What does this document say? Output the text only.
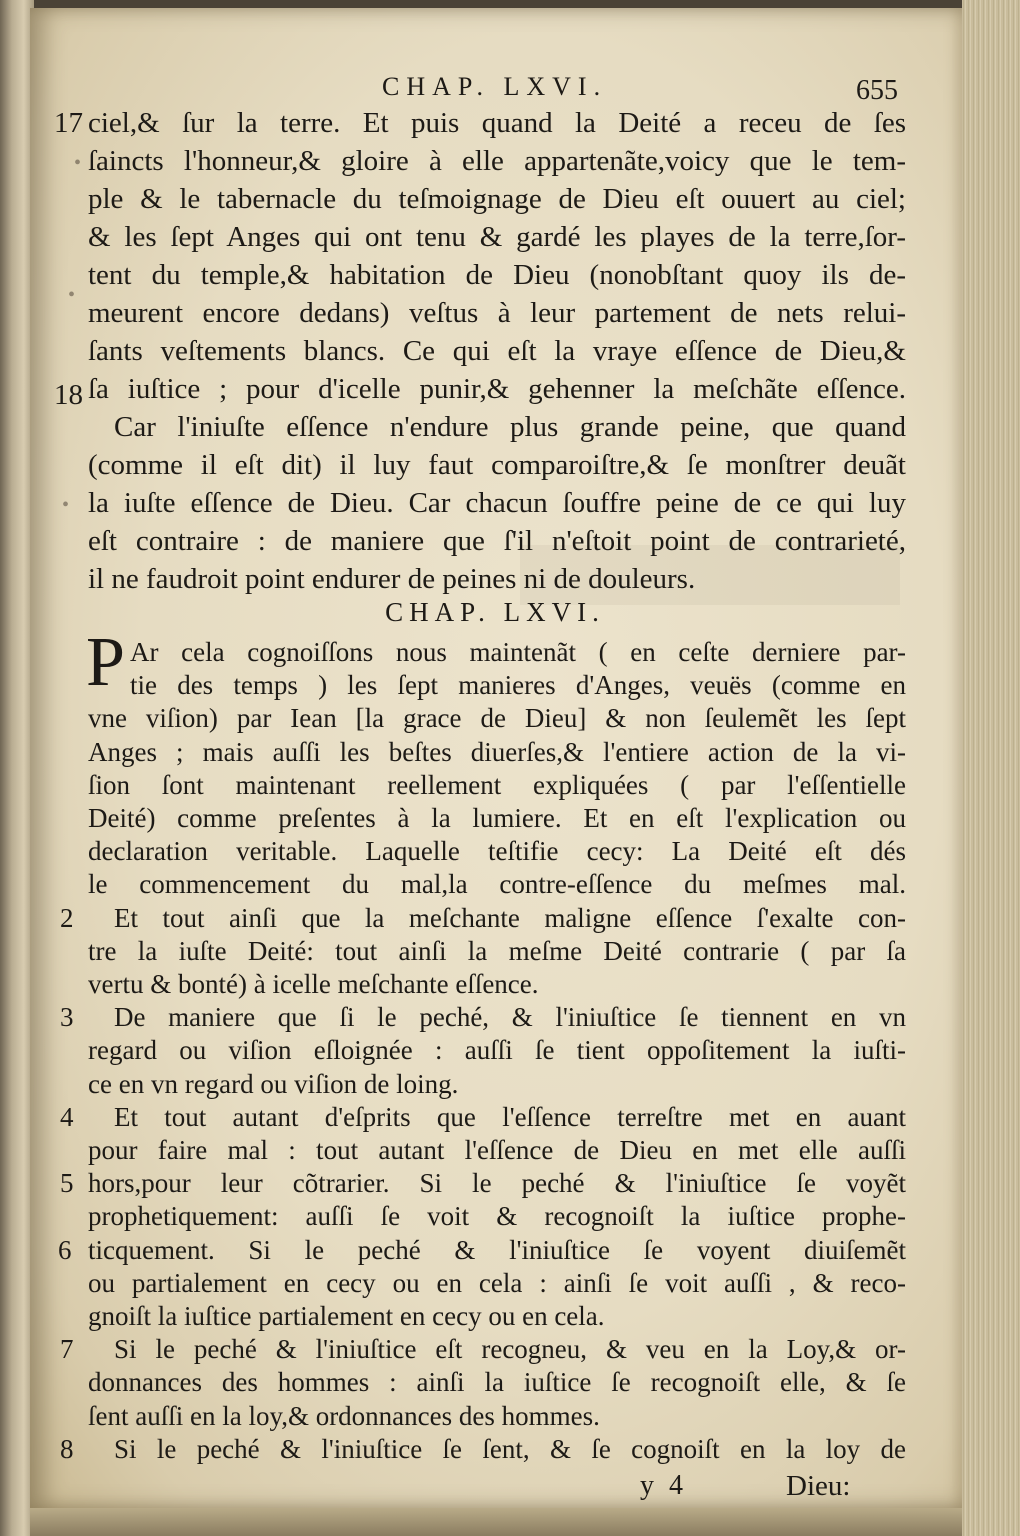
•
•
•
CHAP. LXVI.	655
17
18
ciel,& ſur la terre. Et puis quand la Deité a receu de ſes
ſaincts l'honneur,& gloire à elle appartenãte,voicy que le tem-
ple & le tabernacle du teſmoignage de Dieu eſt ouuert au ciel;
& les ſept Anges qui ont tenu & gardé les playes de la terre,ſor-
tent du temple,& habitation de Dieu (nonobſtant quoy ils de-
meurent encore dedans) veſtus à leur partement de nets relui-
ſants veſtements blancs. Ce qui eſt la vraye eſſence de Dieu,&
ſa iuſtice ; pour d'icelle punir,& gehenner la meſchãte eſſence.
Car l'iniuſte eſſence n'endure plus grande peine, que quand
(comme il eſt dit) il luy faut comparoiſtre,& ſe monſtrer deuãt
la iuſte eſſence de Dieu. Car chacun ſouffre peine de ce qui luy
eſt contraire : de maniere que ſ'il n'eſtoit point de contrarieté,
il ne faudroit point endurer de peines ni de douleurs.
CHAP. LXVI.
P
2
3
4
5
6
7
8
Ar cela cognoiſſons nous maintenãt ( en ceſte derniere par-
tie des temps ) les ſept manieres d'Anges, veuës (comme en
vne viſion) par Iean [la grace de Dieu] & non ſeulemẽt les ſept
Anges ; mais auſſi les beſtes diuerſes,& l'entiere action de la vi-
ſion ſont maintenant reellement expliquées ( par l'eſſentielle
Deité) comme preſentes à la lumiere. Et en eſt l'explication ou
declaration veritable. Laquelle teſtifie cecy: La Deité eſt dés
le commencement du mal,la contre-eſſence du meſmes mal.
Et tout ainſi que la meſchante maligne eſſence ſ'exalte con-
tre la iuſte Deité: tout ainſi la meſme Deité contrarie ( par ſa
vertu & bonté) à icelle meſchante eſſence.
De maniere que ſi le peché, & l'iniuſtice ſe tiennent en vn
regard ou viſion eſloignée : auſſi ſe tient oppoſitement la iuſti-
ce en vn regard ou viſion de loing.
Et tout autant d'eſprits que l'eſſence terreſtre met en auant
pour faire mal : tout autant l'eſſence de Dieu en met elle auſſi
hors,pour leur cõtrarier. Si le peché & l'iniuſtice ſe voyẽt
prophetiquement: auſſi ſe voit & recognoiſt la iuſtice prophe-
ticquement. Si le peché & l'iniuſtice ſe voyent diuiſemẽt
ou partialement en cecy ou en cela : ainſi ſe voit auſſi , & reco-
gnoiſt la iuſtice partialement en cecy ou en cela.
Si le peché & l'iniuſtice eſt recogneu, & veu en la Loy,& or-
donnances des hommes : ainſi la iuſtice ſe recognoiſt elle, & ſe
ſent auſſi en la loy,& ordonnances des hommes.
Si le peché & l'iniuſtice ſe ſent, & ſe cognoiſt en la loy de
y 4	Dieu:
